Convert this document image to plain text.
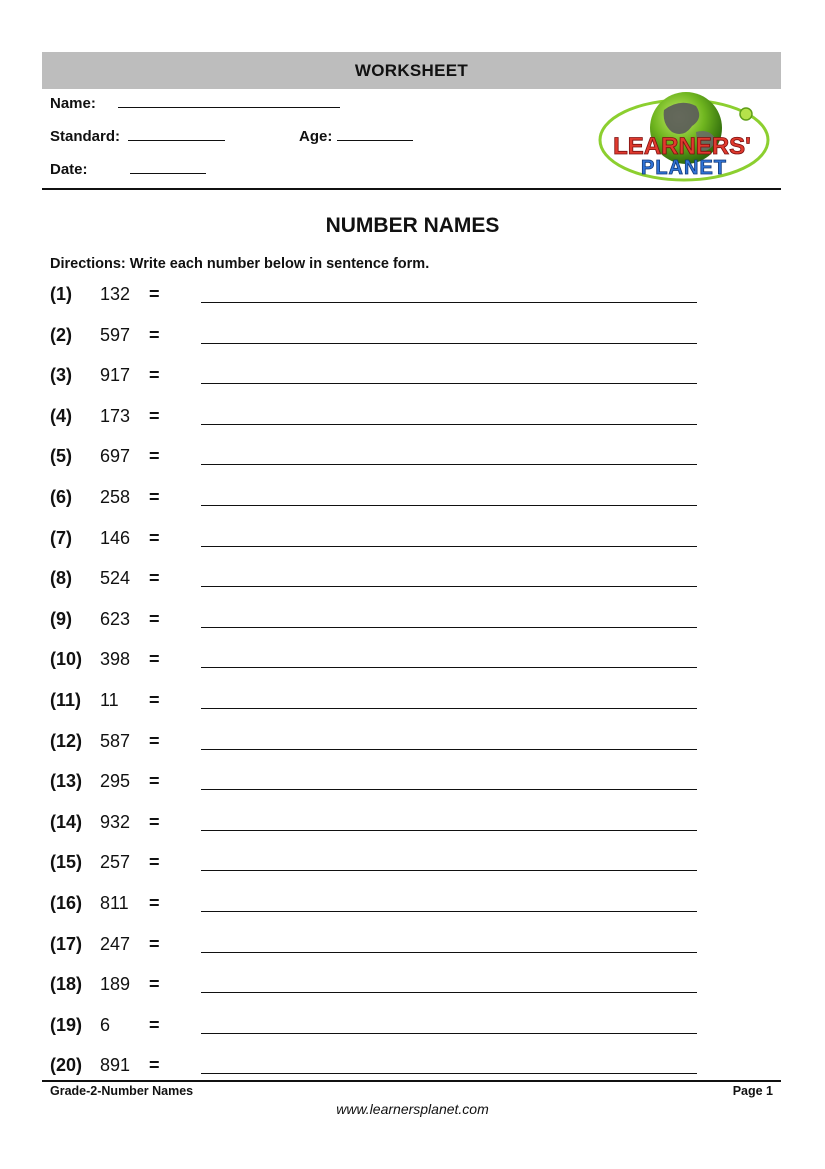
WORKSHEET
Name:
Standard:	Age:
Date:
LEARNERS'
PLANET
NUMBER NAMES
Directions: Write each number below in sentence form.
(1) 132 =
(2) 597 =
(3) 917 =
(4) 173 =
(5) 697 =
(6) 258 =
(7) 146 =
(8) 524 =
(9) 623 =
(10) 398 =
(11) 11 =
(12) 587 =
(13) 295 =
(14) 932 =
(15) 257 =
(16) 811 =
(17) 247 =
(18) 189 =
(19) 6 =
(20) 891 =
Grade-2-Number Names	Page 1
www.learnersplanet.com
